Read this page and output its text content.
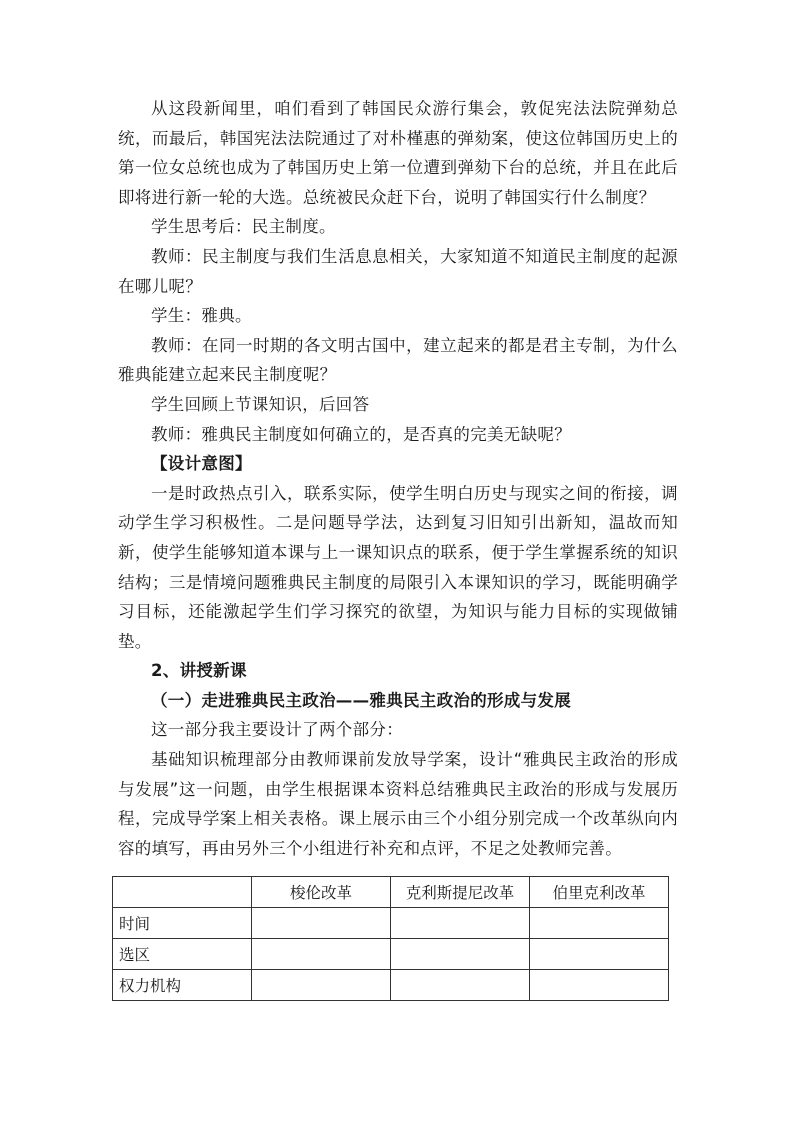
从这段新闻里，咱们看到了韩国民众游行集会，敦促宪法法院弹劾总统，而最后，韩国宪法法院通过了对朴槿惠的弹劾案，使这位韩国历史上的第一位女总统也成为了韩国历史上第一位遭到弹劾下台的总统，并且在此后即将进行新一轮的大选。总统被民众赶下台，说明了韩国实行什么制度？

学生思考后：民主制度。

教师：民主制度与我们生活息息相关，大家知道不知道民主制度的起源在哪儿呢？

学生：雅典。

教师：在同一时期的各文明古国中，建立起来的都是君主专制，为什么雅典能建立起来民主制度呢？

学生回顾上节课知识，后回答

教师：雅典民主制度如何确立的，是否真的完美无缺呢？

【设计意图】

一是时政热点引入，联系实际，使学生明白历史与现实之间的衔接，调动学生学习积极性。二是问题导学法，达到复习旧知引出新知，温故而知新，使学生能够知道本课与上一课知识点的联系，便于学生掌握系统的知识结构；三是情境问题雅典民主制度的局限引入本课知识的学习，既能明确学习目标，还能激起学生们学习探究的欲望，为知识与能力目标的实现做铺垫。

2、讲授新课

（一）走进雅典民主政治——雅典民主政治的形成与发展

这一部分我主要设计了两个部分：

基础知识梳理部分由教师课前发放导学案，设计“雅典民主政治的形成与发展”这一问题，由学生根据课本资料总结雅典民主政治的形成与发展历程，完成导学案上相关表格。课上展示由三个小组分别完成一个改革纵向内容的填写，再由另外三个小组进行补充和点评，不足之处教师完善。

	梭伦改革	克利斯提尼改革	伯里克利改革
时间			
选区			
权力机构			
